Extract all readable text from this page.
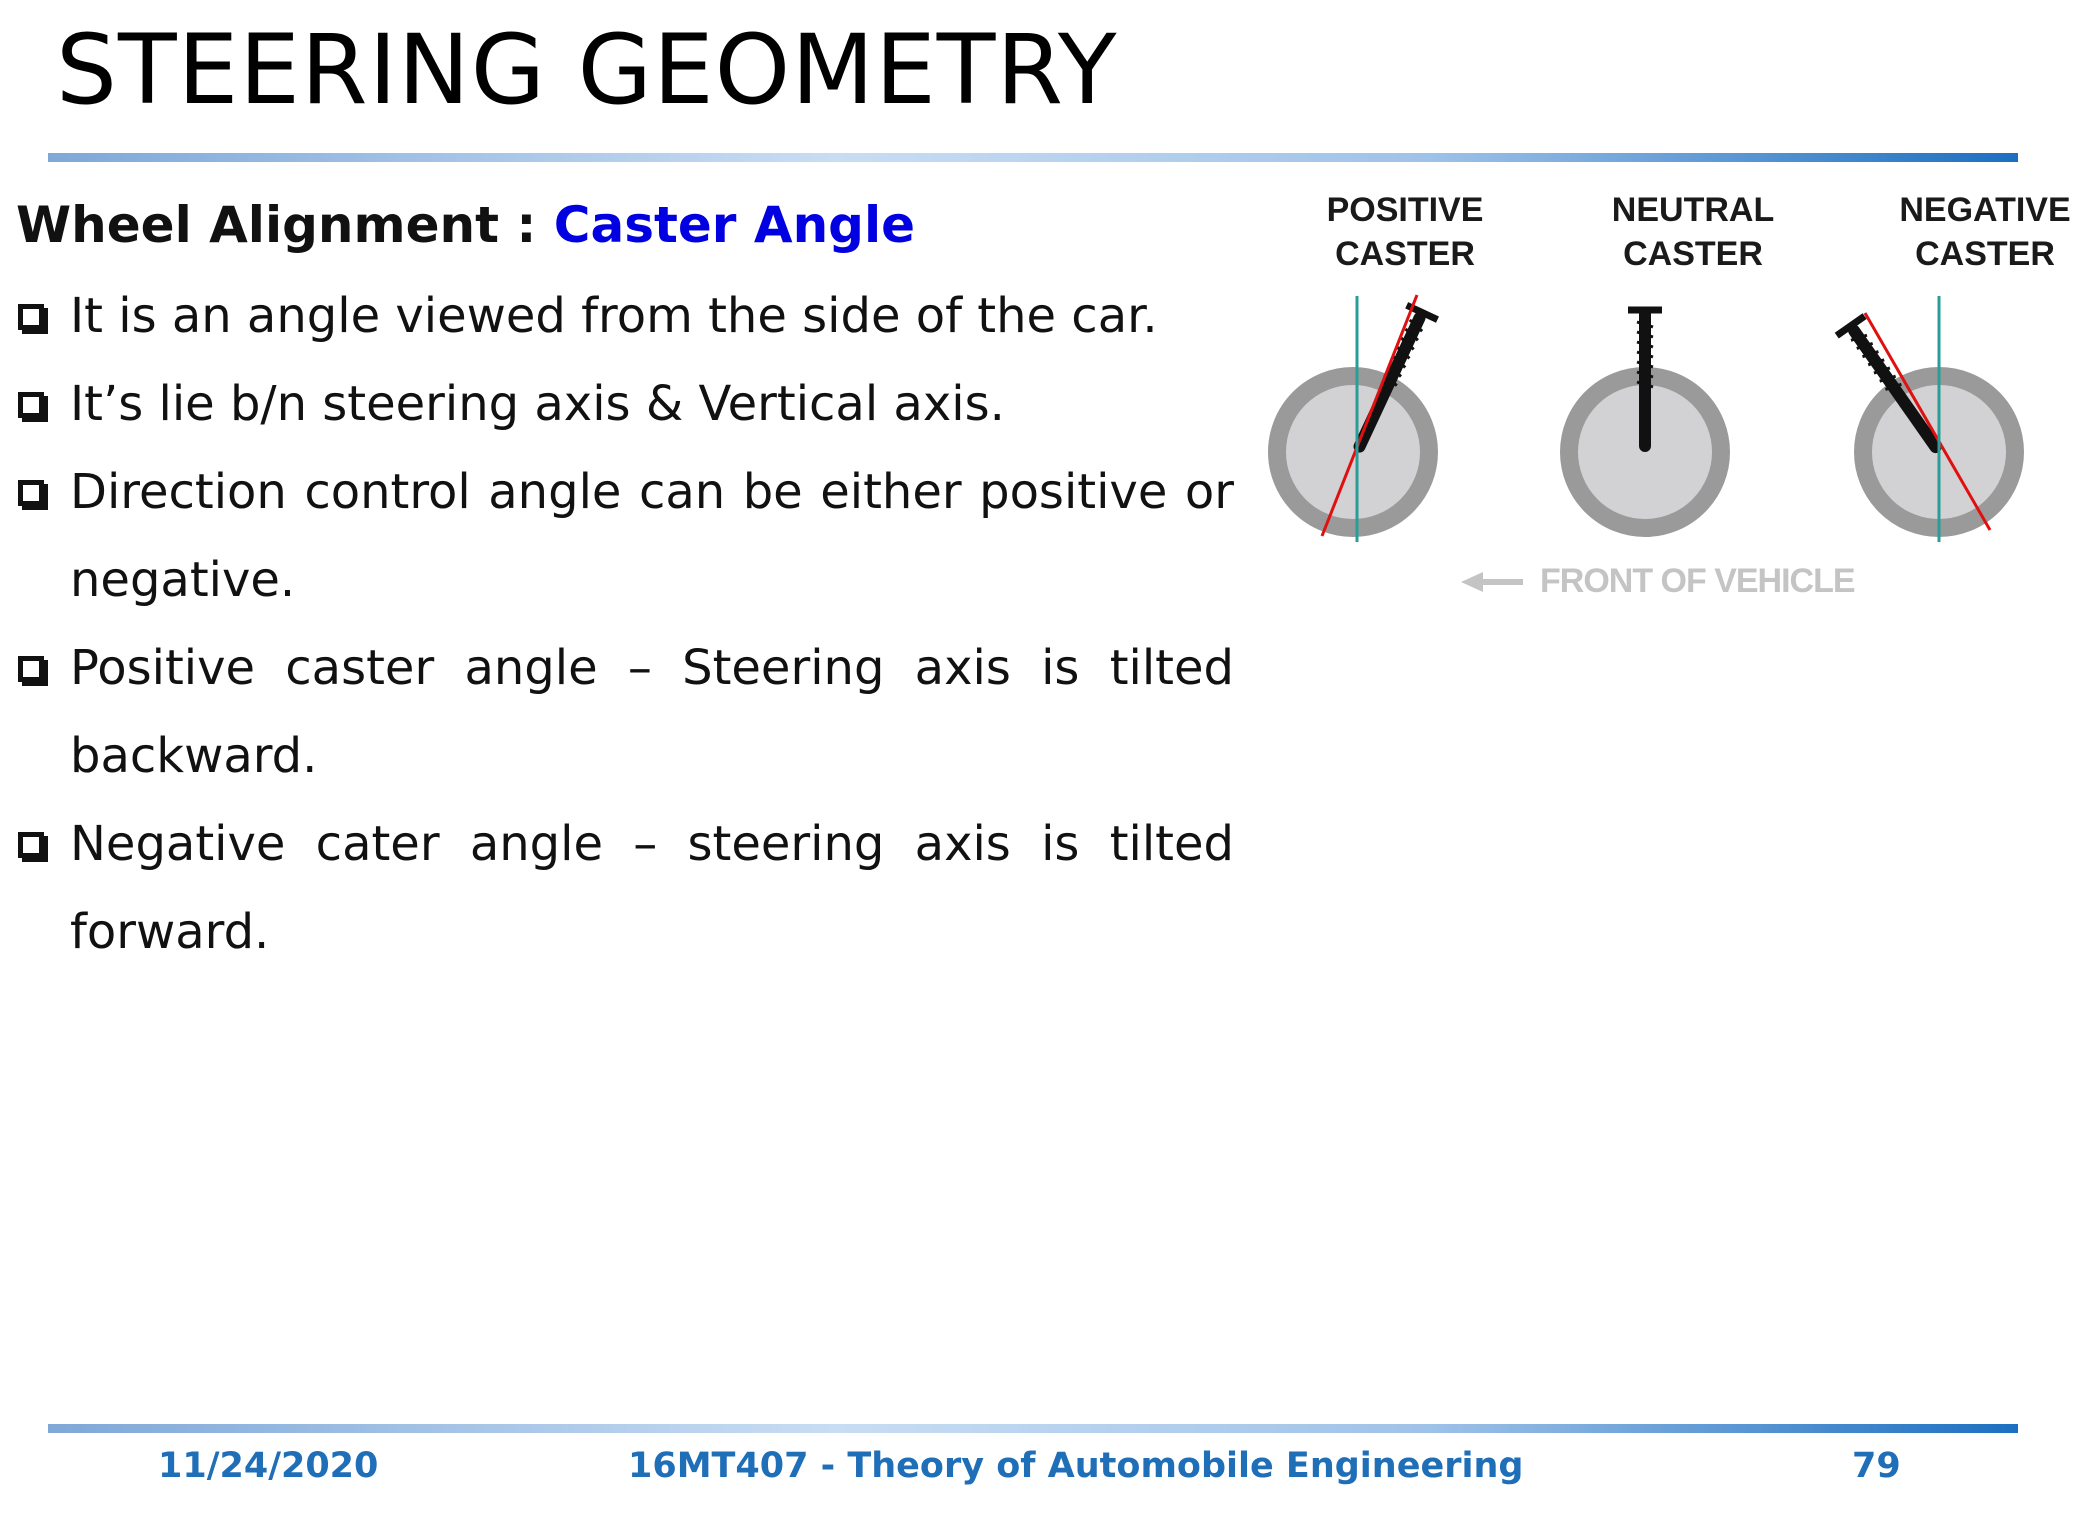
STEERING GEOMETRY
Wheel Alignment : Caster Angle
It is an angle viewed from the side of the car.
It’s lie b/n steering axis & Vertical axis.
Direction control angle can be either positive or negative.
Positive caster angle – Steering axis is tilted backward.
Negative cater angle – steering axis is tilted forward.
POSITIVE
CASTER
NEUTRAL
CASTER
NEGATIVE
CASTER
FRONT OF VEHICLE
11/24/2020	16MT407 - Theory of Automobile Engineering	79
